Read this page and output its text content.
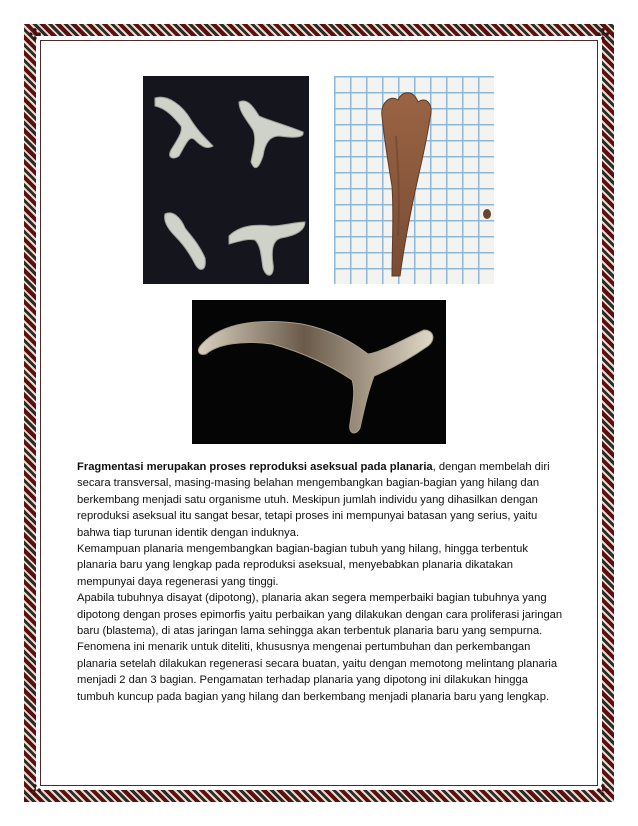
✣	✣
✣	✣

Fragmentasi merupakan proses reproduksi aseksual pada planaria, dengan membelah diri secara transversal, masing-masing belahan mengembangkan bagian-bagian yang hilang dan berkembang menjadi satu organisme utuh. Meskipun jumlah individu yang dihasilkan dengan reproduksi aseksual itu sangat besar, tetapi proses ini mempunyai batasan yang serius, yaitu bahwa tiap turunan identik dengan induknya.

Kemampuan planaria mengembangkan bagian-bagian tubuh yang hilang, hingga terbentuk planaria baru yang lengkap pada reproduksi aseksual, menyebabkan planaria dikatakan mempunyai daya regenerasi yang tinggi.

Apabila tubuhnya disayat (dipotong), planaria akan segera memperbaiki bagian tubuhnya yang dipotong dengan proses epimorfis yaitu perbaikan yang dilakukan dengan cara proliferasi jaringan baru (blastema), di atas jaringan lama sehingga akan terbentuk planaria baru yang sempurna. Fenomena ini menarik untuk diteliti, khususnya mengenai pertumbuhan dan perkembangan planaria setelah dilakukan regenerasi secara buatan, yaitu dengan memotong melintang planaria menjadi 2 dan 3 bagian. Pengamatan terhadap planaria yang dipotong ini dilakukan hingga tumbuh kuncup pada bagian yang hilang dan berkembang menjadi planaria baru yang lengkap.
